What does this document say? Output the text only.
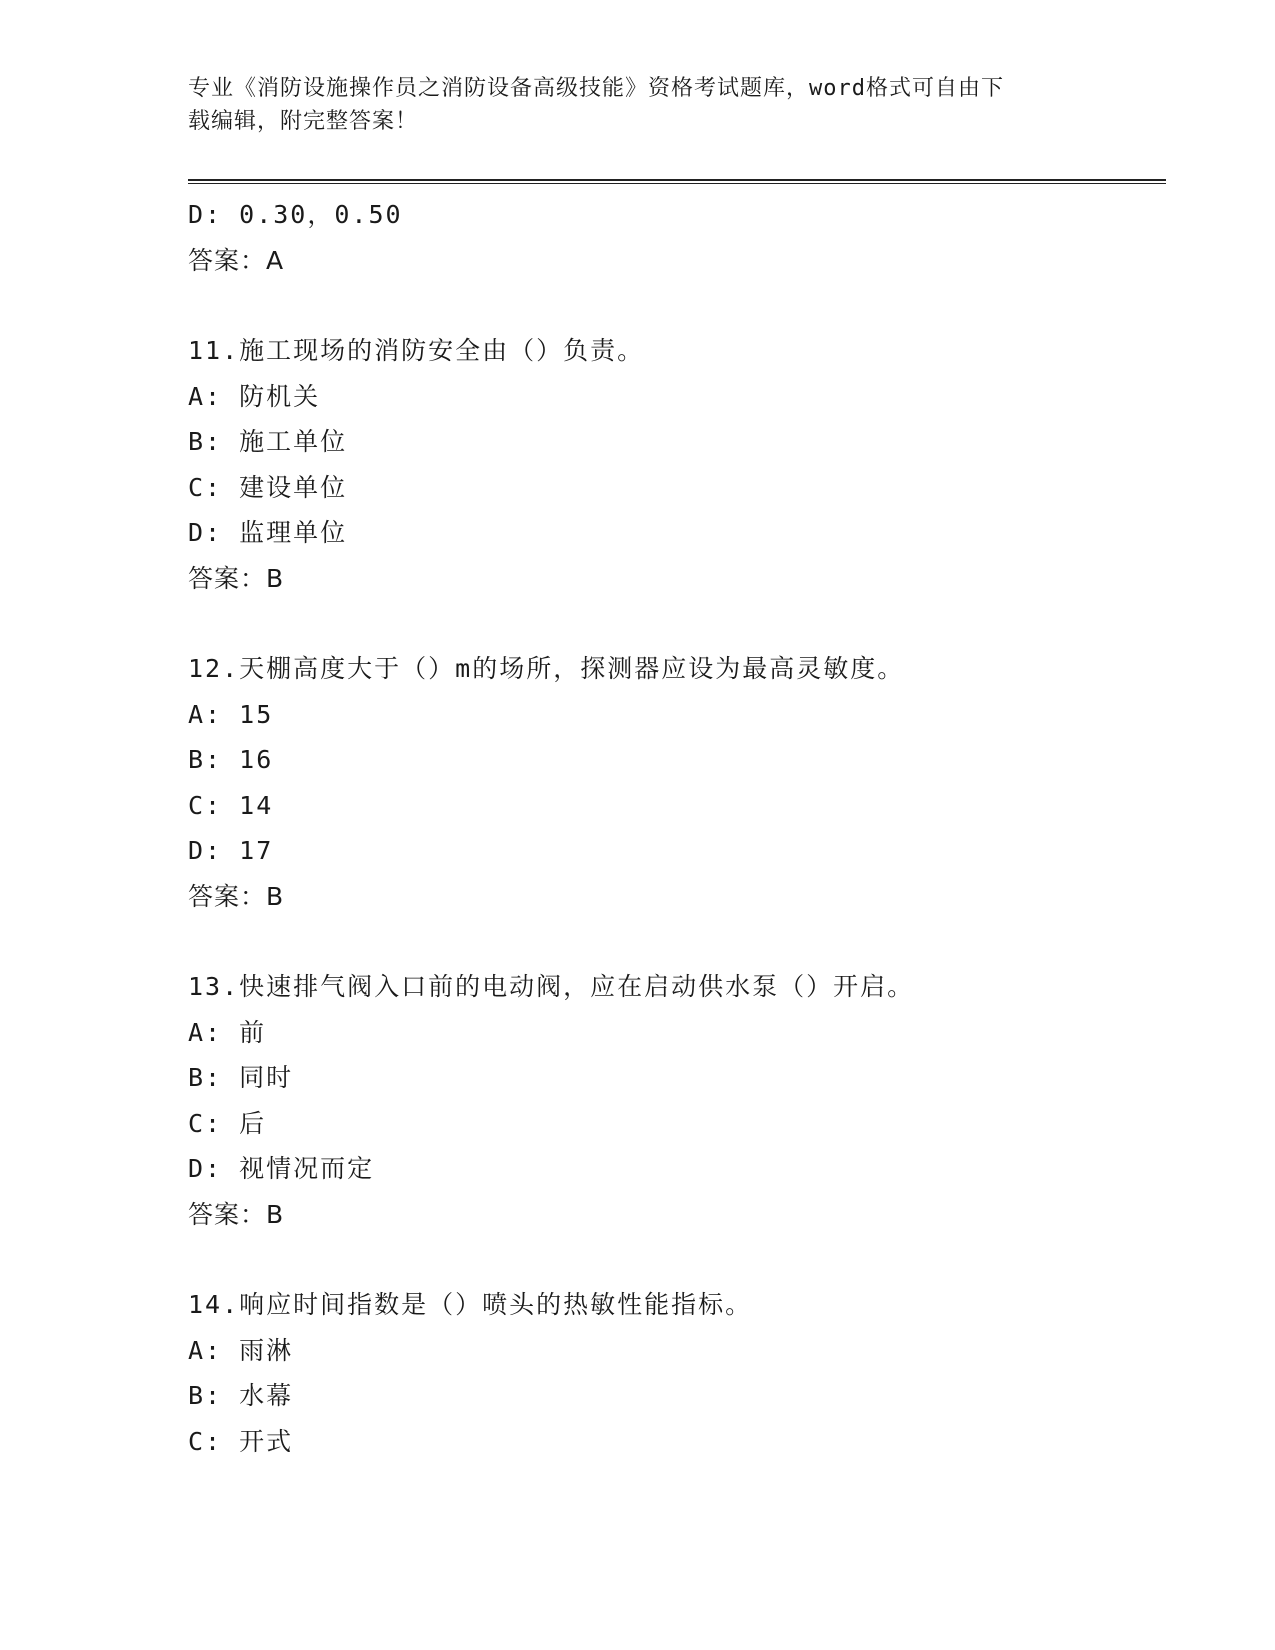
专业《消防设施操作员之消防设备高级技能》资格考试题库，word格式可自由下
载编辑，附完整答案！
D: 0.30，0.50
答案：A
11.施工现场的消防安全由（）负责。
A: 防机关
B: 施工单位
C: 建设单位
D: 监理单位
答案：B
12.天棚高度大于（）m的场所，探测器应设为最高灵敏度。
A: 15
B: 16
C: 14
D: 17
答案：B
13.快速排气阀入口前的电动阀，应在启动供水泵（）开启。
A: 前
B: 同时
C: 后
D: 视情况而定
答案：B
14.响应时间指数是（）喷头的热敏性能指标。
A: 雨淋
B: 水幕
C: 开式
